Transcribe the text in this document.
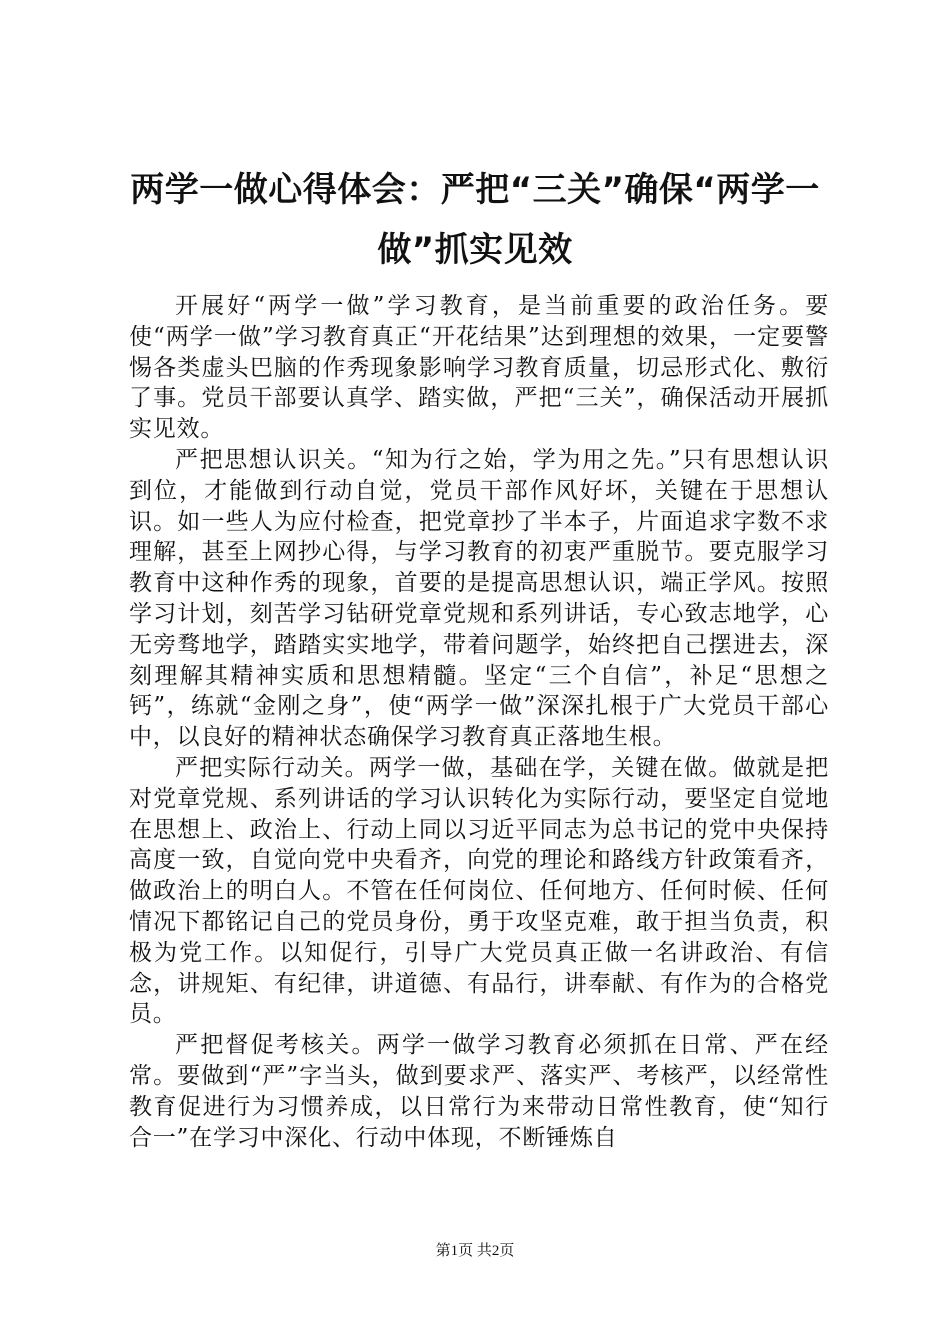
两学一做心得体会：严把“三关”确保“两学一做”抓实见效

开展好“两学一做”学习教育，是当前重要的政治任务。要使“两学一做”学习教育真正“开花结果”达到理想的效果，一定要警惕各类虚头巴脑的作秀现象影响学习教育质量，切忌形式化、敷衍了事。党员干部要认真学、踏实做，严把“三关”，确保活动开展抓实见效。

严把思想认识关。“知为行之始，学为用之先。”只有思想认识到位，才能做到行动自觉，党员干部作风好坏，关键在于思想认识。如一些人为应付检查，把党章抄了半本子，片面追求字数不求理解，甚至上网抄心得，与学习教育的初衷严重脱节。要克服学习教育中这种作秀的现象，首要的是提高思想认识，端正学风。按照学习计划，刻苦学习钻研党章党规和系列讲话，专心致志地学，心无旁骛地学，踏踏实实地学，带着问题学，始终把自己摆进去，深刻理解其精神实质和思想精髓。坚定“三个自信”，补足“思想之钙”，练就“金刚之身”，使“两学一做”深深扎根于广大党员干部心中，以良好的精神状态确保学习教育真正落地生根。

严把实际行动关。两学一做，基础在学，关键在做。做就是把对党章党规、系列讲话的学习认识转化为实际行动，要坚定自觉地在思想上、政治上、行动上同以习近平同志为总书记的党中央保持高度一致，自觉向党中央看齐，向党的理论和路线方针政策看齐，做政治上的明白人。不管在任何岗位、任何地方、任何时候、任何情况下都铭记自己的党员身份，勇于攻坚克难，敢于担当负责，积极为党工作。以知促行，引导广大党员真正做一名讲政治、有信念，讲规矩、有纪律，讲道德、有品行，讲奉献、有作为的合格党员。

严把督促考核关。两学一做学习教育必须抓在日常、严在经常。要做到“严”字当头，做到要求严、落实严、考核严，以经常性教育促进行为习惯养成，以日常行为来带动日常性教育，使“知行合一”在学习中深化、行动中体现，不断锤炼自

第1页 共2页
